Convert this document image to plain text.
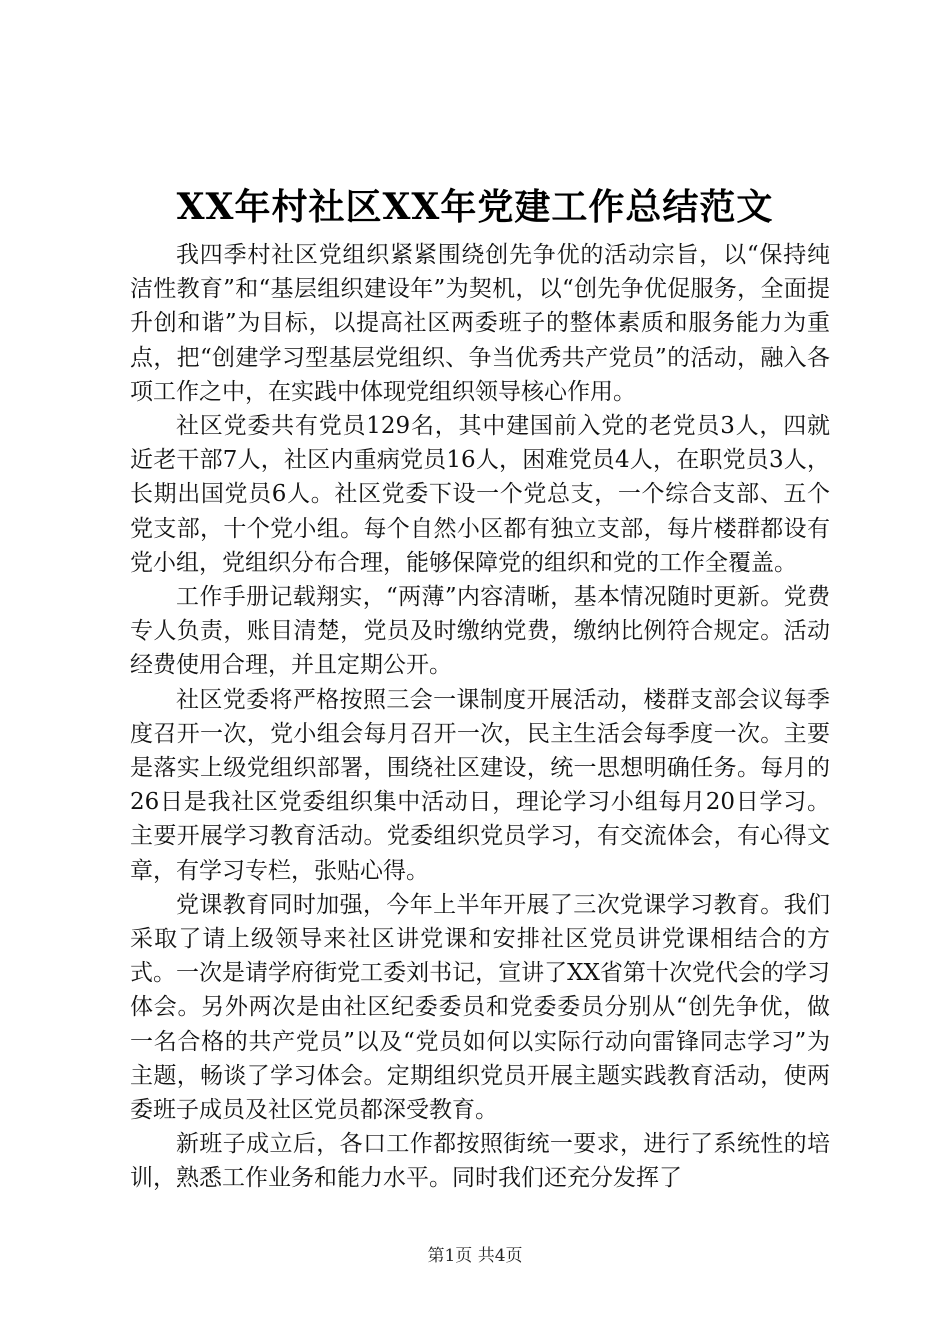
XX年村社区XX年党建工作总结范文

我四季村社区党组织紧紧围绕创先争优的活动宗旨，以“保持纯洁性教育”和“基层组织建设年”为契机，以“创先争优促服务，全面提升创和谐”为目标，以提高社区两委班子的整体素质和服务能力为重点，把“创建学习型基层党组织、争当优秀共产党员”的活动，融入各项工作之中，在实践中体现党组织领导核心作用。

社区党委共有党员129名，其中建国前入党的老党员3人，四就近老干部7人，社区内重病党员16人，困难党员4人，在职党员3人，长期出国党员6人。社区党委下设一个党总支，一个综合支部、五个党支部，十个党小组。每个自然小区都有独立支部，每片楼群都设有党小组，党组织分布合理，能够保障党的组织和党的工作全覆盖。

工作手册记载翔实，“两薄”内容清晰，基本情况随时更新。党费专人负责，账目清楚，党员及时缴纳党费，缴纳比例符合规定。活动经费使用合理，并且定期公开。

社区党委将严格按照三会一课制度开展活动，楼群支部会议每季度召开一次，党小组会每月召开一次，民主生活会每季度一次。主要是落实上级党组织部署，围绕社区建设，统一思想明确任务。每月的26日是我社区党委组织集中活动日，理论学习小组每月20日学习。主要开展学习教育活动。党委组织党员学习，有交流体会，有心得文章，有学习专栏，张贴心得。

党课教育同时加强，今年上半年开展了三次党课学习教育。我们采取了请上级领导来社区讲党课和安排社区党员讲党课相结合的方式。一次是请学府街党工委刘书记，宣讲了XX省第十次党代会的学习体会。另外两次是由社区纪委委员和党委委员分别从“创先争优，做一名合格的共产党员”以及“党员如何以实际行动向雷锋同志学习”为主题，畅谈了学习体会。定期组织党员开展主题实践教育活动，使两委班子成员及社区党员都深受教育。

新班子成立后，各口工作都按照街统一要求，进行了系统性的培训，熟悉工作业务和能力水平。同时我们还充分发挥了

第1页 共4页
